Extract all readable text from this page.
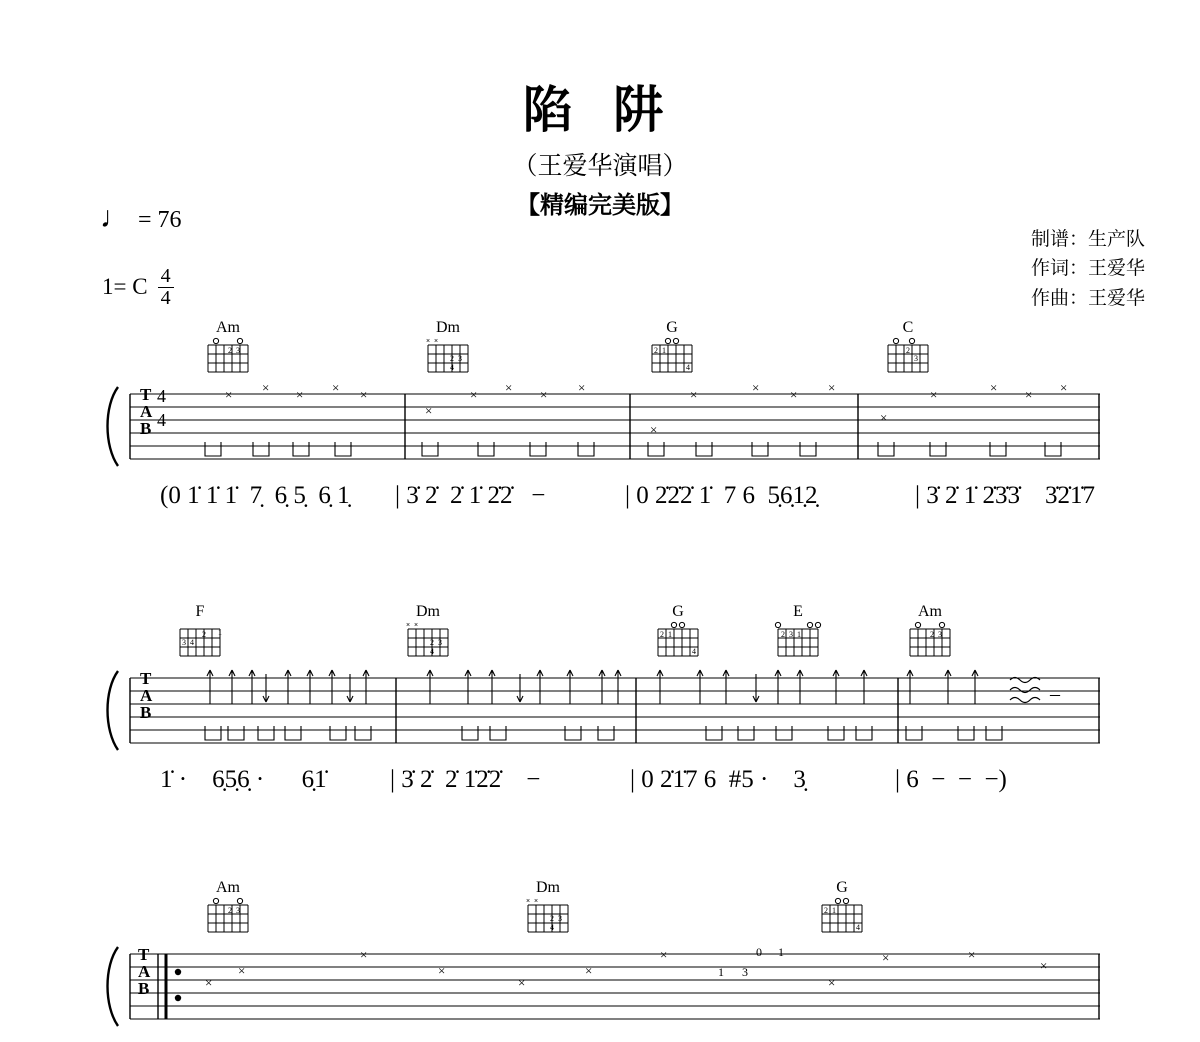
陷 阱
（王爱华演唱）
【精编完美版】
♩ = 76
1= C $\frac{4}{4}$
制谱：生产队
作词：王爱华
作曲：王爱华
Am
2 3
Dm
× ×
2 3
4
G
2 1
4
C
2
3
T
A
B
4
4
× × × × ×
×
× × × ×
×
×	× × ×
×
×	× × ×
(0 1̇ 1̇ 1̇  7̣  6̣ 5̣  6̣ 1̣ | 3̇ 2̇  2̇ 1̇ 2̇2̇   −	| 0 2̇2̇2̇ 1̇  7 6  5̣6̣1̣2̣	| 3̇ 2̇ 1̇ 2̇3̇3̇    3̇2̇1̇7
F
3 4
2 1
Dm
× ×
2 3
4
G
2 1
4
E
2 3 1
Am
2 3
T
A
B
–
1̇ ·    6̣5̣6̣ ·      6̣1̇	| 3̇ 2̇  2̇ 1̇2̇2̇    −	| 0 2̇1̇7 6  #5 ·    3̣	| 6  −  −  −)
Am
2 3
Dm
× ×
2 3
4
G
2 1
4
T
A
B	×
×
×
×
×
×
×
×
×	×
×
1 3
0 1
